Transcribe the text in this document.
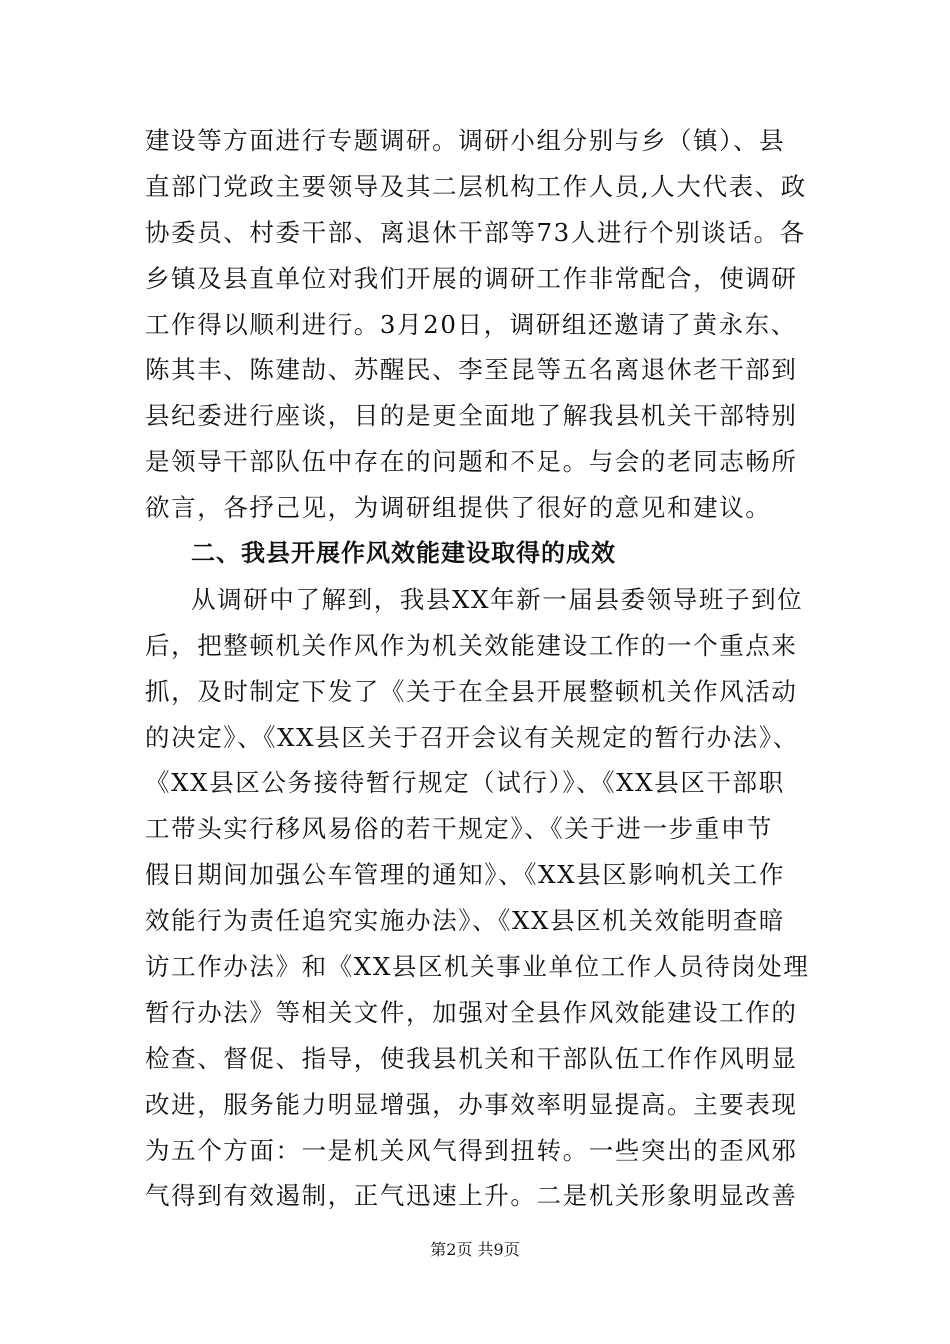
建设等方面进行专题调研。调研小组分别与乡（镇）、县
直部门党政主要领导及其二层机构工作人员,人大代表、政
协委员、村委干部、离退休干部等73人进行个别谈话。各
乡镇及县直单位对我们开展的调研工作非常配合，使调研
工作得以顺利进行。3月20日，调研组还邀请了黄永东、
陈其丰、陈建劼、苏醒民、李至昆等五名离退休老干部到
县纪委进行座谈，目的是更全面地了解我县机关干部特别
是领导干部队伍中存在的问题和不足。与会的老同志畅所
欲言，各抒己见，为调研组提供了很好的意见和建议。
二、我县开展作风效能建设取得的成效
从调研中了解到，我县XX年新一届县委领导班子到位
后，把整顿机关作风作为机关效能建设工作的一个重点来
抓，及时制定下发了《关于在全县开展整顿机关作风活动
的决定》、《XX县区关于召开会议有关规定的暂行办法》、
《XX县区公务接待暂行规定（试行）》、《XX县区干部职
工带头实行移风易俗的若干规定》、《关于进一步重申节
假日期间加强公车管理的通知》、《XX县区影响机关工作
效能行为责任追究实施办法》、《XX县区机关效能明查暗
访工作办法》和《XX县区机关事业单位工作人员待岗处理
暂行办法》等相关文件，加强对全县作风效能建设工作的
检查、督促、指导，使我县机关和干部队伍工作作风明显
改进，服务能力明显增强，办事效率明显提高。主要表现
为五个方面：一是机关风气得到扭转。一些突出的歪风邪
气得到有效遏制，正气迅速上升。二是机关形象明显改善
第2页 共9页
